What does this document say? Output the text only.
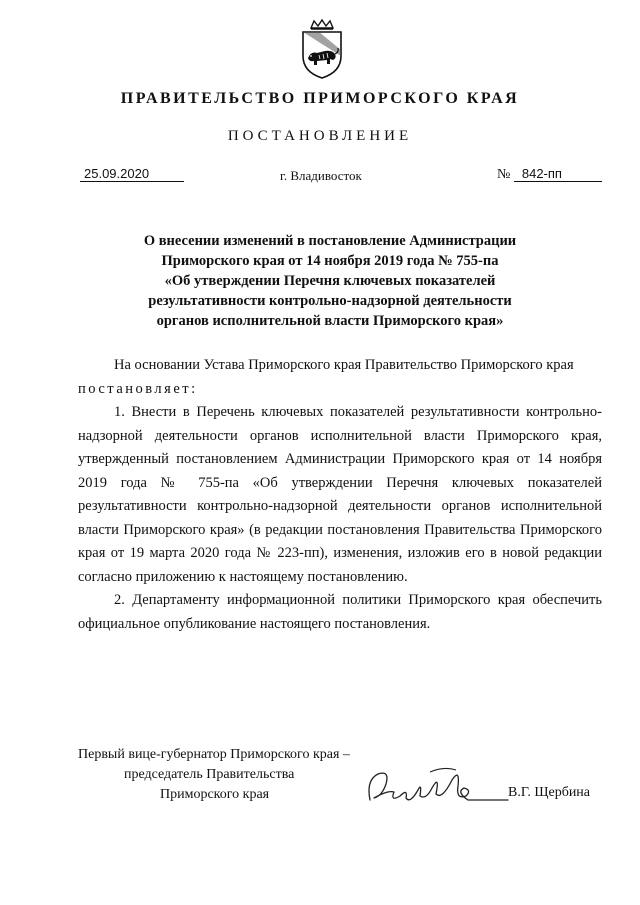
ПРАВИТЕЛЬСТВО ПРИМОРСКОГО КРАЯ
ПОСТАНОВЛЕНИЕ
25.09.2020	г. Владивосток	№ 842-пп
О внесении изменений в постановление Администрации
Приморского края от 14 ноября 2019 года № 755-па
«Об утверждении Перечня ключевых показателей
результативности контрольно-надзорной деятельности
органов исполнительной власти Приморского края»

На основании Устава Приморского края Правительство Приморского края

постановляет:

1. Внести в Перечень ключевых показателей результативности контрольно-надзорной деятельности органов исполнительной власти Приморского края, утвержденный постановлением Администрации Приморского края от 14 ноября 2019 года № 755-па «Об утверждении Перечня ключевых показателей результативности контрольно-надзорной деятельности органов исполнительной власти Приморского края» (в редакции постановления Правительства Приморского края от 19 марта 2020 года № 223-пп), изменения, изложив его в новой редакции согласно приложению к настоящему постановлению.

2. Департаменту информационной политики Приморского края обеспечить официальное опубликование настоящего постановления.

Первый вице-губернатор Приморского края –
председатель Правительства
Приморского края	В.Г. Щербина
